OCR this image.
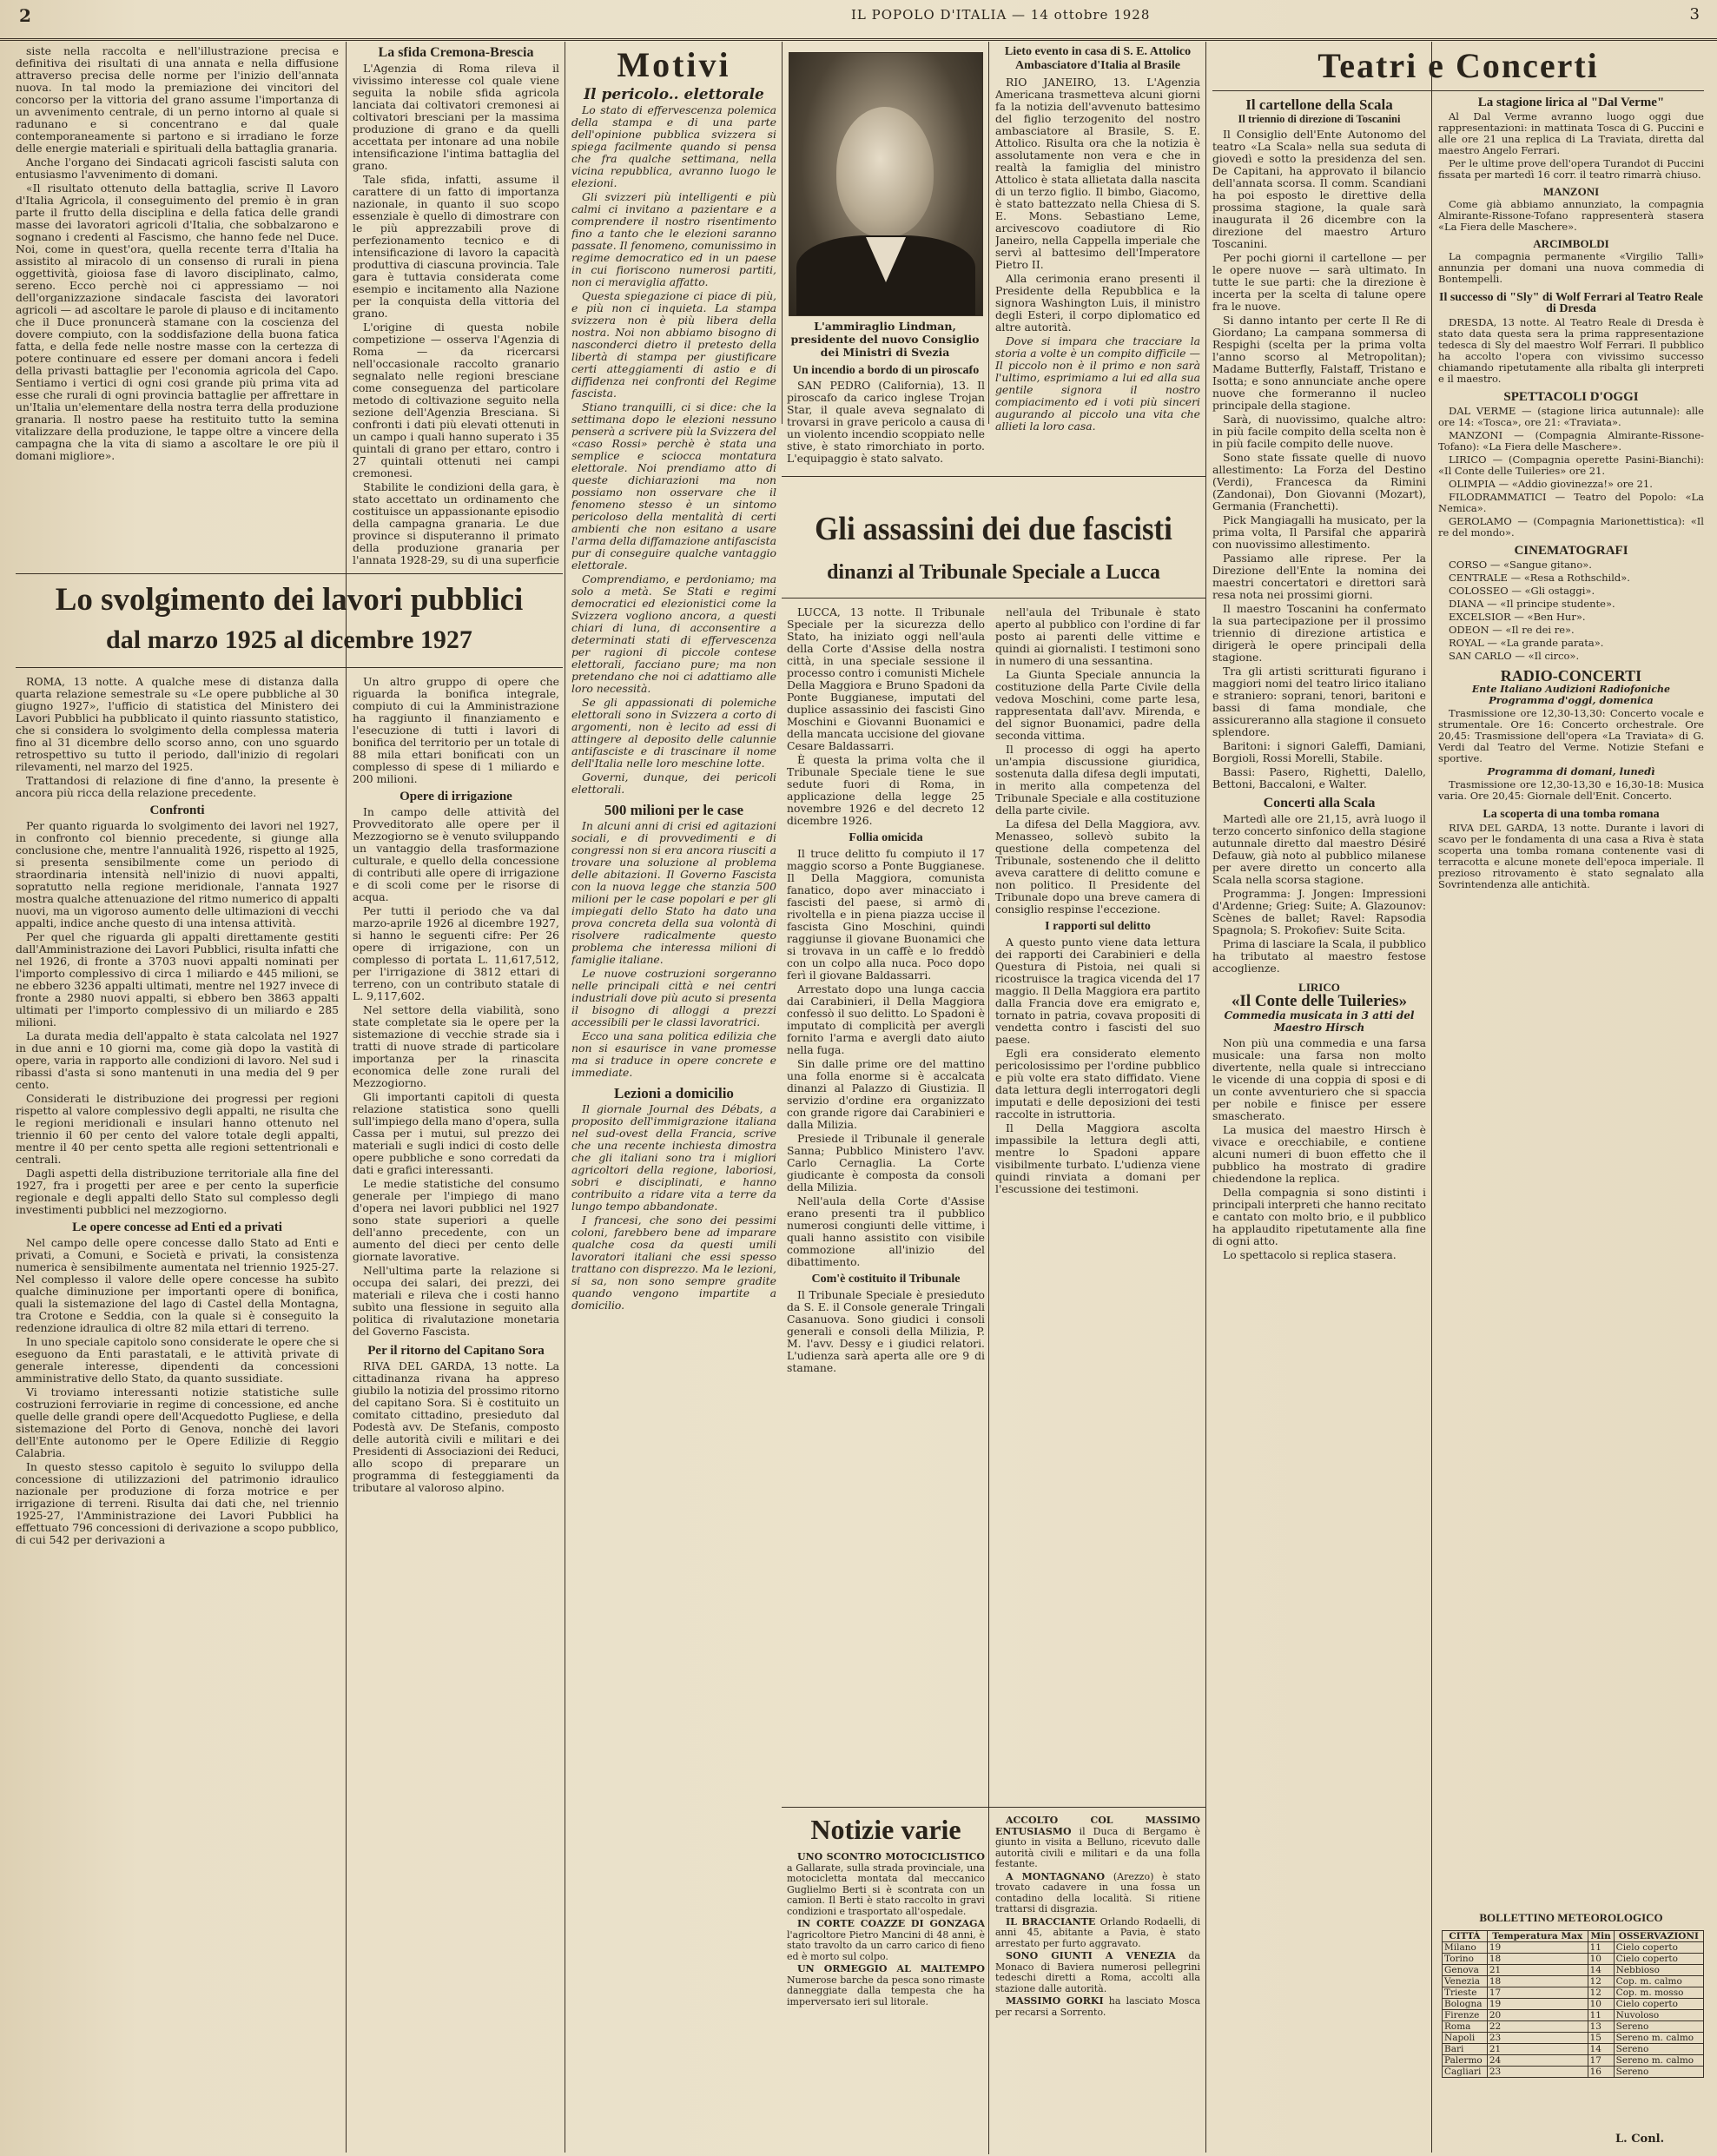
2	IL POPOLO D'ITALIA — 14 ottobre 1928	3

siste nella raccolta e nell'illustrazione precisa e definitiva dei risultati di una annata e nella diffusione attraverso precisa delle norme per l'inizio dell'annata nuova. In tal modo la premiazione dei vincitori del concorso per la vittoria del grano assume l'importanza di un avvenimento centrale, di un perno intorno al quale si radunano e si concentrano e dal quale contemporaneamente si partono e si irradiano le forze delle energie materiali e spirituali della battaglia granaria.

Anche l'organo dei Sindacati agricoli fascisti saluta con entusiasmo l'avvenimento di domani.

«Il risultato ottenuto della battaglia, scrive Il Lavoro d'Italia Agricola, il conseguimento del premio è in gran parte il frutto della disciplina e della fatica delle grandi masse dei lavoratori agricoli d'Italia, che sobbalzarono e sognano i credenti al Fascismo, che hanno fede nel Duce. Noi, come in quest'ora, quella recente terra d'Italia ha assistito al miracolo di un consenso di rurali in piena oggettività, gioiosa fase di lavoro disciplinato, calmo, sereno. Ecco perchè noi ci appressiamo — noi dell'organizzazione sindacale fascista dei lavoratori agricoli — ad ascoltare le parole di plauso e di incitamento che il Duce pronuncerà stamane con la coscienza del dovere compiuto, con la soddisfazione della buona fatica fatta, e della fede nelle nostre masse con la certezza di potere continuare ed essere per domani ancora i fedeli della privasti battaglie per l'economia agricola del Capo. Sentiamo i vertici di ogni cosi grande più prima vita ad esse che rurali di ogni provincia battaglie per affrettare in un'Italia un'elementare della nostra terra della produzione granaria. Il nostro paese ha restituito tutto la semina vitalizzare della produzione, le tappe oltre a vincere della campagna che la vita di siamo a ascoltare le ore più il domani migliore».

Lo svolgimento dei lavori pubblici
dal marzo 1925 al dicembre 1927

ROMA, 13 notte. A qualche mese di distanza dalla quarta relazione semestrale su «Le opere pubbliche al 30 giugno 1927», l'ufficio di statistica del Ministero dei Lavori Pubblici ha pubblicato il quinto riassunto statistico, che si considera lo svolgimento della complessa materia fino al 31 dicembre dello scorso anno, con uno sguardo retrospettivo su tutto il periodo, dall'inizio di regolari rilevamenti, nel marzo del 1925.

Trattandosi di relazione di fine d'anno, la presente è ancora più ricca della relazione precedente.

Confronti

Per quanto riguarda lo svolgimento dei lavori nel 1927, in confronto col biennio precedente, si giunge alla conclusione che, mentre l'annualità 1926, rispetto al 1925, si presenta sensibilmente come un periodo di straordinaria intensità nell'inizio di nuovi appalti, sopratutto nella regione meridionale, l'annata 1927 mostra qualche attenuazione del ritmo numerico di appalti nuovi, ma un vigoroso aumento delle ultimazioni di vecchi appalti, indice anche questo di una intensa attività.

Per quel che riguarda gli appalti direttamente gestiti dall'Amministrazione dei Lavori Pubblici, risulta infatti che nel 1926, di fronte a 3703 nuovi appalti nominati per l'importo complessivo di circa 1 miliardo e 445 milioni, se ne ebbero 3236 appalti ultimati, mentre nel 1927 invece di fronte a 2980 nuovi appalti, si ebbero ben 3863 appalti ultimati per l'importo complessivo di un miliardo e 285 milioni.

La durata media dell'appalto è stata calcolata nel 1927 in due anni e 10 giorni ma, come già dopo la vastità di opere, varia in rapporto alle condizioni di lavoro. Nel sud i ribassi d'asta si sono mantenuti in una media del 9 per cento.

Considerati le distribuzione dei progressi per regioni rispetto al valore complessivo degli appalti, ne risulta che le regioni meridionali e insulari hanno ottenuto nel triennio il 60 per cento del valore totale degli appalti, mentre il 40 per cento spetta alle regioni settentrionali e centrali.

Dagli aspetti della distribuzione territoriale alla fine del 1927, fra i progetti per aree e per cento la superficie regionale e degli appalti dello Stato sul complesso degli investimenti pubblici nel mezzogiorno.

Le opere concesse ad Enti ed a privati

Nel campo delle opere concesse dallo Stato ad Enti e privati, a Comuni, e Società e privati, la consistenza numerica è sensibilmente aumentata nel triennio 1925-27. Nel complesso il valore delle opere concesse ha subìto qualche diminuzione per importanti opere di bonifica, quali la sistemazione del lago di Castel della Montagna, tra Crotone e Seddia, con la quale si è conseguito la redenzione idraulica di oltre 82 mila ettari di terreno.

In uno speciale capitolo sono considerate le opere che si eseguono da Enti parastatali, e le attività private di generale interesse, dipendenti da concessioni amministrative dello Stato, da quanto sussidiate.

Vi troviamo interessanti notizie statistiche sulle costruzioni ferroviarie in regime di concessione, ed anche quelle delle grandi opere dell'Acquedotto Pugliese, e della sistemazione del Porto di Genova, nonchè dei lavori dell'Ente autonomo per le Opere Edilizie di Reggio Calabria.

In questo stesso capitolo è seguito lo sviluppo della concessione di utilizzazioni del patrimonio idraulico nazionale per produzione di forza motrice e per irrigazione di terreni. Risulta dai dati che, nel triennio 1925-27, l'Amministrazione dei Lavori Pubblici ha effettuato 796 concessioni di derivazione a scopo pubblico, di cui 542 per derivazioni a

La sfida Cremona-Brescia

L'Agenzia di Roma rileva il vivissimo interesse col quale viene seguita la nobile sfida agricola lanciata dai coltivatori cremonesi ai coltivatori bresciani per la massima produzione di grano e da quelli accettata per intonare ad una nobile intensificazione l'intima battaglia del grano.

Tale sfida, infatti, assume il carattere di un fatto di importanza nazionale, in quanto il suo scopo essenziale è quello di dimostrare con le più apprezzabili prove di perfezionamento tecnico e di intensificazione di lavoro la capacità produttiva di ciascuna provincia. Tale gara è tuttavia considerata come esempio e incitamento alla Nazione per la conquista della vittoria del grano.

L'origine di questa nobile competizione — osserva l'Agenzia di Roma — da ricercarsi nell'occasionale raccolto granario segnalato nelle regioni bresciane come conseguenza del particolare metodo di coltivazione seguito nella sezione dell'Agenzia Bresciana. Si confronti i dati più elevati ottenuti in un campo i quali hanno superato i 35 quintali di grano per ettaro, contro i 27 quintali ottenuti nei campi cremonesi.

Stabilite le condizioni della gara, è stato accettato un ordinamento che costituisce un appassionante episodio della campagna granaria. Le due province si disputeranno il primato della produzione granaria per l'annata 1928-29, su di una superficie

Un altro gruppo di opere che riguarda la bonifica integrale, compiuto di cui la Amministrazione ha raggiunto il finanziamento e l'esecuzione di tutti i lavori di bonifica del territorio per un totale di 88 mila ettari bonificati con un complesso di spese di 1 miliardo e 200 milioni.

Opere di irrigazione

In campo delle attività del Provveditorato alle opere per il Mezzogiorno se è venuto sviluppando un vantaggio della trasformazione culturale, e quello della concessione di contributi alle opere di irrigazione e di scoli come per le risorse di acqua.

Per tutti il periodo che va dal marzo-aprile 1926 al dicembre 1927, si hanno le seguenti cifre: Per 26 opere di irrigazione, con un complesso di portata L. 11,617,512, per l'irrigazione di 3812 ettari di terreno, con un contributo statale di L. 9,117,602.

Nel settore della viabilità, sono state completate sia le opere per la sistemazione di vecchie strade sia i tratti di nuove strade di particolare importanza per la rinascita economica delle zone rurali del Mezzogiorno.

Gli importanti capitoli di questa relazione statistica sono quelli sull'impiego della mano d'opera, sulla Cassa per i mutui, sul prezzo dei materiali e sugli indici di costo delle opere pubbliche e sono corredati da dati e grafici interessanti.

Le medie statistiche del consumo generale per l'impiego di mano d'opera nei lavori pubblici nel 1927 sono state superiori a quelle dell'anno precedente, con un aumento del dieci per cento delle giornate lavorative.

Nell'ultima parte la relazione si occupa dei salari, dei prezzi, dei materiali e rileva che i costi hanno subìto una flessione in seguito alla politica di rivalutazione monetaria del Governo Fascista.

Per il ritorno del Capitano Sora

RIVA DEL GARDA, 13 notte. La cittadinanza rivana ha appreso giubilo la notizia del prossimo ritorno del capitano Sora. Si è costituito un comitato cittadino, presieduto dal Podestà avv. De Stefanis, composto delle autorità civili e militari e dei Presidenti di Associazioni dei Reduci, allo scopo di preparare un programma di festeggiamenti da tributare al valoroso alpino.

Motivi
Il pericolo.. elettorale

Lo stato di effervescenza polemica della stampa e di una parte dell'opinione pubblica svizzera si spiega facilmente quando si pensa che fra qualche settimana, nella vicina repubblica, avranno luogo le elezioni.

Gli svizzeri più intelligenti e più calmi ci invitano a pazientare e a comprendere il nostro risentimento fino a tanto che le elezioni saranno passate. Il fenomeno, comunissimo in regime democratico ed in un paese in cui fioriscono numerosi partiti, non ci meraviglia affatto.

Questa spiegazione ci piace di più, e più non ci inquieta. La stampa svizzera non è più libera della nostra. Noi non abbiamo bisogno di nasconderci dietro il pretesto della libertà di stampa per giustificare certi atteggiamenti di astio e di diffidenza nei confronti del Regime fascista.

Stiano tranquilli, ci si dice: che la settimana dopo le elezioni nessuno penserà a scrivere più la Svizzera del «caso Rossi» perchè è stata una semplice e sciocca montatura elettorale. Noi prendiamo atto di queste dichiarazioni ma non possiamo non osservare che il fenomeno stesso è un sintomo pericoloso della mentalità di certi ambienti che non esitano a usare l'arma della diffamazione antifascista pur di conseguire qualche vantaggio elettorale.

Comprendiamo, e perdoniamo; ma solo a metà. Se Stati e regimi democratici ed elezionistici come la Svizzera vogliono ancora, a questi chiari di luna, di acconsentire a determinati stati di effervescenza per ragioni di piccole contese elettorali, facciano pure; ma non pretendano che noi ci adattiamo alle loro necessità.

Se gli appassionati di polemiche elettorali sono in Svizzera a corto di argomenti, non è lecito ad essi di attingere al deposito delle calunnie antifasciste e di trascinare il nome dell'Italia nelle loro meschine lotte.

Governi, dunque, dei pericoli elettorali.

500 milioni per le case

In alcuni anni di crisi ed agitazioni sociali, e di provvedimenti e di congressi non si era ancora riusciti a trovare una soluzione al problema delle abitazioni. Il Governo Fascista con la nuova legge che stanzia 500 milioni per le case popolari e per gli impiegati dello Stato ha dato una prova concreta della sua volontà di risolvere radicalmente questo problema che interessa milioni di famiglie italiane.

Le nuove costruzioni sorgeranno nelle principali città e nei centri industriali dove più acuto si presenta il bisogno di alloggi a prezzi accessibili per le classi lavoratrici.

Ecco una sana politica edilizia che non si esaurisce in vane promesse ma si traduce in opere concrete e immediate.

Lezioni a domicilio

Il giornale Journal des Débats, a proposito dell'immigrazione italiana nel sud-ovest della Francia, scrive che una recente inchiesta dimostra che gli italiani sono tra i migliori agricoltori della regione, laboriosi, sobri e disciplinati, e hanno contribuito a ridare vita a terre da lungo tempo abbandonate.

I francesi, che sono dei pessimi coloni, farebbero bene ad imparare qualche cosa da questi umili lavoratori italiani che essi spesso trattano con disprezzo. Ma le lezioni, si sa, non sono sempre gradite quando vengono impartite a domicilio.

L'ammiraglio Lindman, presidente del nuovo Consiglio dei Ministri di Svezia
Un incendio a bordo di un piroscafo

SAN PEDRO (California), 13. Il piroscafo da carico inglese Trojan Star, il quale aveva segnalato di trovarsi in grave pericolo a causa di un violento incendio scoppiato nelle stive, è stato rimorchiato in porto. L'equipaggio è stato salvato.

Lieto evento in casa di S. E. Attolico Ambasciatore d'Italia al Brasile

RIO JANEIRO, 13. L'Agenzia Americana trasmetteva alcuni giorni fa la notizia dell'avvenuto battesimo del figlio terzogenito del nostro ambasciatore al Brasile, S. E. Attolico. Risulta ora che la notizia è assolutamente non vera e che in realtà la famiglia del ministro Attolico è stata allietata dalla nascita di un terzo figlio. Il bimbo, Giacomo, è stato battezzato nella Chiesa di S. E. Mons. Sebastiano Leme, arcivescovo coadiutore di Rio Janeiro, nella Cappella imperiale che servì al battesimo dell'Imperatore Pietro II.

Alla cerimonia erano presenti il Presidente della Repubblica e la signora Washington Luis, il ministro degli Esteri, il corpo diplomatico ed altre autorità.

Dove si impara che tracciare la storia a volte è un compito difficile — Il piccolo non è il primo e non sarà l'ultimo, esprimiamo a lui ed alla sua gentile signora il nostro compiacimento ed i voti più sinceri augurando al piccolo una vita che allieti la loro casa.

Gli assassini dei due fascisti
dinanzi al Tribunale Speciale a Lucca

LUCCA, 13 notte. Il Tribunale Speciale per la sicurezza dello Stato, ha iniziato oggi nell'aula della Corte d'Assise della nostra città, in una speciale sessione il processo contro i comunisti Michele Della Maggiora e Bruno Spadoni da Ponte Buggianese, imputati del duplice assassinio dei fascisti Gino Moschini e Giovanni Buonamici e della mancata uccisione del giovane Cesare Baldassarri.

È questa la prima volta che il Tribunale Speciale tiene le sue sedute fuori di Roma, in applicazione della legge 25 novembre 1926 e del decreto 12 dicembre 1926.

Follia omicida

Il truce delitto fu compiuto il 17 maggio scorso a Ponte Buggianese. Il Della Maggiora, comunista fanatico, dopo aver minacciato i fascisti del paese, si armò di rivoltella e in piena piazza uccise il fascista Gino Moschini, quindi raggiunse il giovane Buonamici che si trovava in un caffè e lo freddò con un colpo alla nuca. Poco dopo ferì il giovane Baldassarri.

Arrestato dopo una lunga caccia dai Carabinieri, il Della Maggiora confessò il suo delitto. Lo Spadoni è imputato di complicità per avergli fornito l'arma e avergli dato aiuto nella fuga.

Sin dalle prime ore del mattino una folla enorme si è accalcata dinanzi al Palazzo di Giustizia. Il servizio d'ordine era organizzato con grande rigore dai Carabinieri e dalla Milizia.

Presiede il Tribunale il generale Sanna; Pubblico Ministero l'avv. Carlo Cernaglia. La Corte giudicante è composta da consoli della Milizia.

Nell'aula della Corte d'Assise erano presenti tra il pubblico numerosi congiunti delle vittime, i quali hanno assistito con visibile commozione all'inizio del dibattimento.

Com'è costituito il Tribunale

Il Tribunale Speciale è presieduto da S. E. il Console generale Tringali Casanuova. Sono giudici i consoli generali e consoli della Milizia, P. M. l'avv. Dessy e i giudici relatori. L'udienza sarà aperta alle ore 9 di stamane.

nell'aula del Tribunale è stato aperto al pubblico con l'ordine di far posto ai parenti delle vittime e quindi ai giornalisti. I testimoni sono in numero di una sessantina.

La Giunta Speciale annuncia la costituzione della Parte Civile della vedova Moschini, come parte lesa, rappresentata dall'avv. Mirenda, e del signor Buonamici, padre della seconda vittima.

Il processo di oggi ha aperto un'ampia discussione giuridica, sostenuta dalla difesa degli imputati, in merito alla competenza del Tribunale Speciale e alla costituzione della parte civile.

La difesa del Della Maggiora, avv. Menasseo, sollevò subito la questione della competenza del Tribunale, sostenendo che il delitto aveva carattere di delitto comune e non politico. Il Presidente del Tribunale dopo una breve camera di consiglio respinse l'eccezione.

I rapporti sul delitto

A questo punto viene data lettura dei rapporti dei Carabinieri e della Questura di Pistoia, nei quali si ricostruisce la tragica vicenda del 17 maggio. Il Della Maggiora era partito dalla Francia dove era emigrato e, tornato in patria, covava propositi di vendetta contro i fascisti del suo paese.

Egli era considerato elemento pericolosissimo per l'ordine pubblico e più volte era stato diffidato. Viene data lettura degli interrogatori degli imputati e delle deposizioni dei testi raccolte in istruttoria.

Il Della Maggiora ascolta impassibile la lettura degli atti, mentre lo Spadoni appare visibilmente turbato. L'udienza viene quindi rinviata a domani per l'escussione dei testimoni.

Notizie varie

UNO SCONTRO MOTOCICLISTICO a Gallarate, sulla strada provinciale, una motocicletta montata dal meccanico Guglielmo Berti si è scontrata con un camion. Il Berti è stato raccolto in gravi condizioni e trasportato all'ospedale.

IN CORTE COAZZE DI GONZAGA l'agricoltore Pietro Mancini di 48 anni, è stato travolto da un carro carico di fieno ed è morto sul colpo.

UN ORMEGGIO AL MALTEMPO Numerose barche da pesca sono rimaste danneggiate dalla tempesta che ha imperversato ieri sul litorale.

ACCOLTO COL MASSIMO ENTUSIASMO il Duca di Bergamo è giunto in visita a Belluno, ricevuto dalle autorità civili e militari e da una folla festante.

A MONTAGNANO (Arezzo) è stato trovato cadavere in una fossa un contadino della località. Si ritiene trattarsi di disgrazia.

IL BRACCIANTE Orlando Rodaelli, di anni 45, abitante a Pavia, è stato arrestato per furto aggravato.

SONO GIUNTI A VENEZIA da Monaco di Baviera numerosi pellegrini tedeschi diretti a Roma, accolti alla stazione dalle autorità.

MASSIMO GORKI ha lasciato Mosca per recarsi a Sorrento.

Teatri e Concerti
Il cartellone della Scala
Il triennio di direzione di Toscanini

Il Consiglio dell'Ente Autonomo del teatro «La Scala» nella sua seduta di giovedì e sotto la presidenza del sen. De Capitani, ha approvato il bilancio dell'annata scorsa. Il comm. Scandiani ha poi esposto le direttive della prossima stagione, la quale sarà inaugurata il 26 dicembre con la direzione del maestro Arturo Toscanini.

Per pochi giorni il cartellone — per le opere nuove — sarà ultimato. In tutte le sue parti: che la direzione è incerta per la scelta di talune opere fra le nuove.

Si danno intanto per certe Il Re di Giordano; La campana sommersa di Respighi (scelta per la prima volta l'anno scorso al Metropolitan); Madame Butterfly, Falstaff, Tristano e Isotta; e sono annunciate anche opere nuove che formeranno il nucleo principale della stagione.

Sarà, di nuovissimo, qualche altro: in più facile compito della scelta non è in più facile compito delle nuove.

Sono state fissate quelle di nuovo allestimento: La Forza del Destino (Verdi), Francesca da Rimini (Zandonai), Don Giovanni (Mozart), Germania (Franchetti).

Pick Mangiagalli ha musicato, per la prima volta, Il Parsifal che apparirà con nuovissimo allestimento.

Passiamo alle riprese. Per la Direzione dell'Ente la nomina dei maestri concertatori e direttori sarà resa nota nei prossimi giorni.

Il maestro Toscanini ha confermato la sua partecipazione per il prossimo triennio di direzione artistica e dirigerà le opere principali della stagione.

Tra gli artisti scritturati figurano i maggiori nomi del teatro lirico italiano e straniero: soprani, tenori, baritoni e bassi di fama mondiale, che assicureranno alla stagione il consueto splendore.

Baritoni: i signori Galeffi, Damiani, Borgioli, Rossi Morelli, Stabile.

Bassi: Pasero, Righetti, Dalello, Bettoni, Baccaloni, e Walter.

Concerti alla Scala

Martedì alle ore 21,15, avrà luogo il terzo concerto sinfonico della stagione autunnale diretto dal maestro Désiré Defauw, già noto al pubblico milanese per avere diretto un concerto alla Scala nella scorsa stagione.

Programma: J. Jongen: Impressioni d'Ardenne; Grieg: Suite; A. Glazounov: Scènes de ballet; Ravel: Rapsodia Spagnola; S. Prokofiev: Suite Scita.

Prima di lasciare la Scala, il pubblico ha tributato al maestro festose accoglienze.

LIRICO
«Il Conte delle Tuileries»
Commedia musicata in 3 atti del Maestro Hirsch

Non più una commedia e una farsa musicale: una farsa non molto divertente, nella quale si intrecciano le vicende di una coppia di sposi e di un conte avventuriero che si spaccia per nobile e finisce per essere smascherato.

La musica del maestro Hirsch è vivace e orecchiabile, e contiene alcuni numeri di buon effetto che il pubblico ha mostrato di gradire chiedendone la replica.

Della compagnia si sono distinti i principali interpreti che hanno recitato e cantato con molto brio, e il pubblico ha applaudito ripetutamente alla fine di ogni atto.

Lo spettacolo si replica stasera.

La stagione lirica al "Dal Verme"

Al Dal Verme avranno luogo oggi due rappresentazioni: in mattinata Tosca di G. Puccini e alle ore 21 una replica di La Traviata, diretta dal maestro Angelo Ferrari.

Per le ultime prove dell'opera Turandot di Puccini fissata per martedì 16 corr. il teatro rimarrà chiuso.

MANZONI

Come già abbiamo annunziato, la compagnia Almirante-Rissone-Tofano rappresenterà stasera «La Fiera delle Maschere».

ARCIMBOLDI

La compagnia permanente «Virgilio Talli» annunzia per domani una nuova commedia di Bontempelli.

Il successo di "Sly" di Wolf Ferrari al Teatro Reale di Dresda

DRESDA, 13 notte. Al Teatro Reale di Dresda è stato data questa sera la prima rappresentazione tedesca di Sly del maestro Wolf Ferrari. Il pubblico ha accolto l'opera con vivissimo successo chiamando ripetutamente alla ribalta gli interpreti e il maestro.

SPETTACOLI D'OGGI

DAL VERME — (stagione lirica autunnale): alle ore 14: «Tosca», ore 21: «Traviata».

MANZONI — (Compagnia Almirante-Rissone-Tofano): «La Fiera delle Maschere».

LIRICO — (Compagnia operette Pasini-Bianchi): «Il Conte delle Tuileries» ore 21.

OLIMPIA — «Addio giovinezza!» ore 21.

FILODRAMMATICI — Teatro del Popolo: «La Nemica».

GEROLAMO — (Compagnia Marionettistica): «Il re del mondo».

CINEMATOGRAFI

CORSO — «Sangue gitano».

CENTRALE — «Resa a Rothschild».

COLOSSEO — «Gli ostaggi».

DIANA — «Il principe studente».

EXCELSIOR — «Ben Hur».

ODEON — «Il re dei re».

ROYAL — «La grande parata».

SAN CARLO — «Il circo».

RADIO-CONCERTI
Ente Italiano Audizioni Radiofoniche
Programma d'oggi, domenica

Trasmissione ore 12,30-13,30: Concerto vocale e strumentale. Ore 16: Concerto orchestrale. Ore 20,45: Trasmissione dell'opera «La Traviata» di G. Verdi dal Teatro del Verme. Notizie Stefani e sportive.

Programma di domani, lunedì

Trasmissione ore 12,30-13,30 e 16,30-18: Musica varia. Ore 20,45: Giornale dell'Enit. Concerto.

La scoperta di una tomba romana

RIVA DEL GARDA, 13 notte. Durante i lavori di scavo per le fondamenta di una casa a Riva è stata scoperta una tomba romana contenente vasi di terracotta e alcune monete dell'epoca imperiale. Il prezioso ritrovamento è stato segnalato alla Sovrintendenza alle antichità.

BOLLETTINO METEOROLOGICO
CITTÀ	Temperatura Max	Min	OSSERVAZIONI
Milano	19	11	Cielo coperto
Torino	18	10	Cielo coperto
Genova	21	14	Nebbioso
Venezia	18	12	Cop. m. calmo
Trieste	17	12	Cop. m. mosso
Bologna	19	10	Cielo coperto
Firenze	20	11	Nuvoloso
Roma	22	13	Sereno
Napoli	23	15	Sereno m. calmo
Bari	21	14	Sereno
Palermo	24	17	Sereno m. calmo
Cagliari	23	16	Sereno
L. Conl.
